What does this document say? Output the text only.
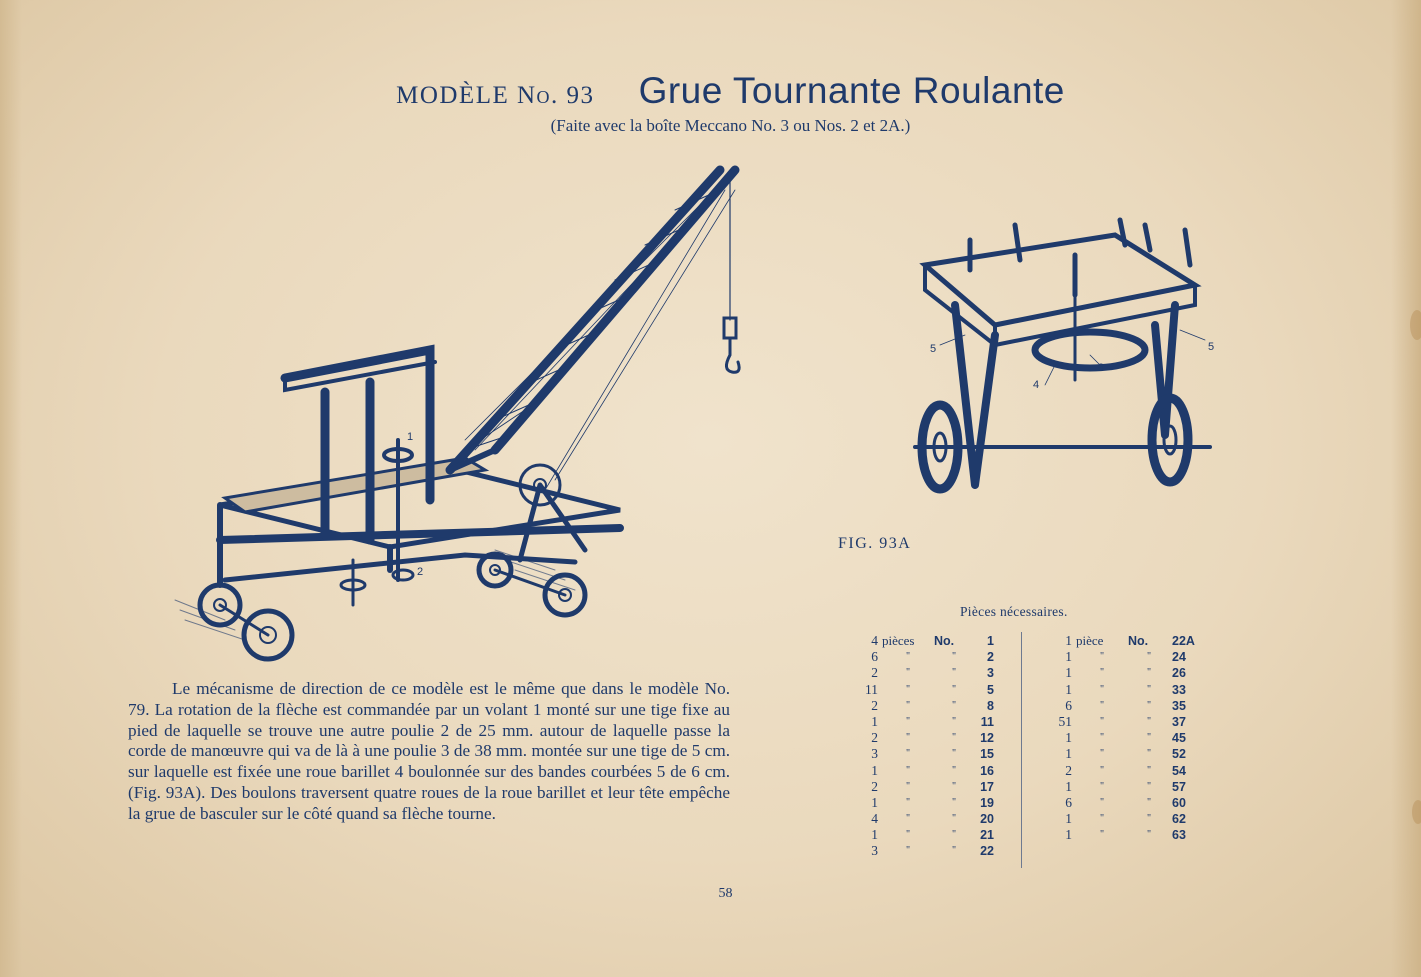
MODÈLE No. 93 Grue Tournante Roulante
(Faite avec la boîte Meccano No. 3 ou Nos. 2 et 2A.)
1
2
5
4
3
5
FIG. 93A
Le mécanisme de direction de ce modèle est le même que dans le modèle No. 79. La rotation de la flèche est commandée par un volant 1 monté sur une tige fixe au pied de laquelle se trouve une autre poulie 2 de 25 mm. autour de laquelle passe la corde de manœuvre qui va de là à une poulie 3 de 38 mm. montée sur une tige de 5 cm. sur laquelle est fixée une roue barillet 4 boulonnée sur des bandes courbées 5 de 6 cm. (Fig. 93A). Des boulons traversent quatre roues de la roue barillet et leur tête empêche la grue de basculer sur le côté quand sa flèche tourne.
Pièces nécessaires.
4 pièces	No.	1
6	"	"	2
2	"	"	3
11	"	"	5
2	"	"	8
1	"	"	11
2	"	"	12
3	"	"	15
1	"	"	16
2	"	"	17
1	"	"	19
4	"	"	20
1	"	"	21
3	"	"	22
1 pièce	No.	22A
1	"	"	24
1	"	"	26
1	"	"	33
6	"	"	35
51	"	"	37
1	"	"	45
1	"	"	52
2	"	"	54
1	"	"	57
6	"	"	60
1	"	"	62
1	"	"	63
58
